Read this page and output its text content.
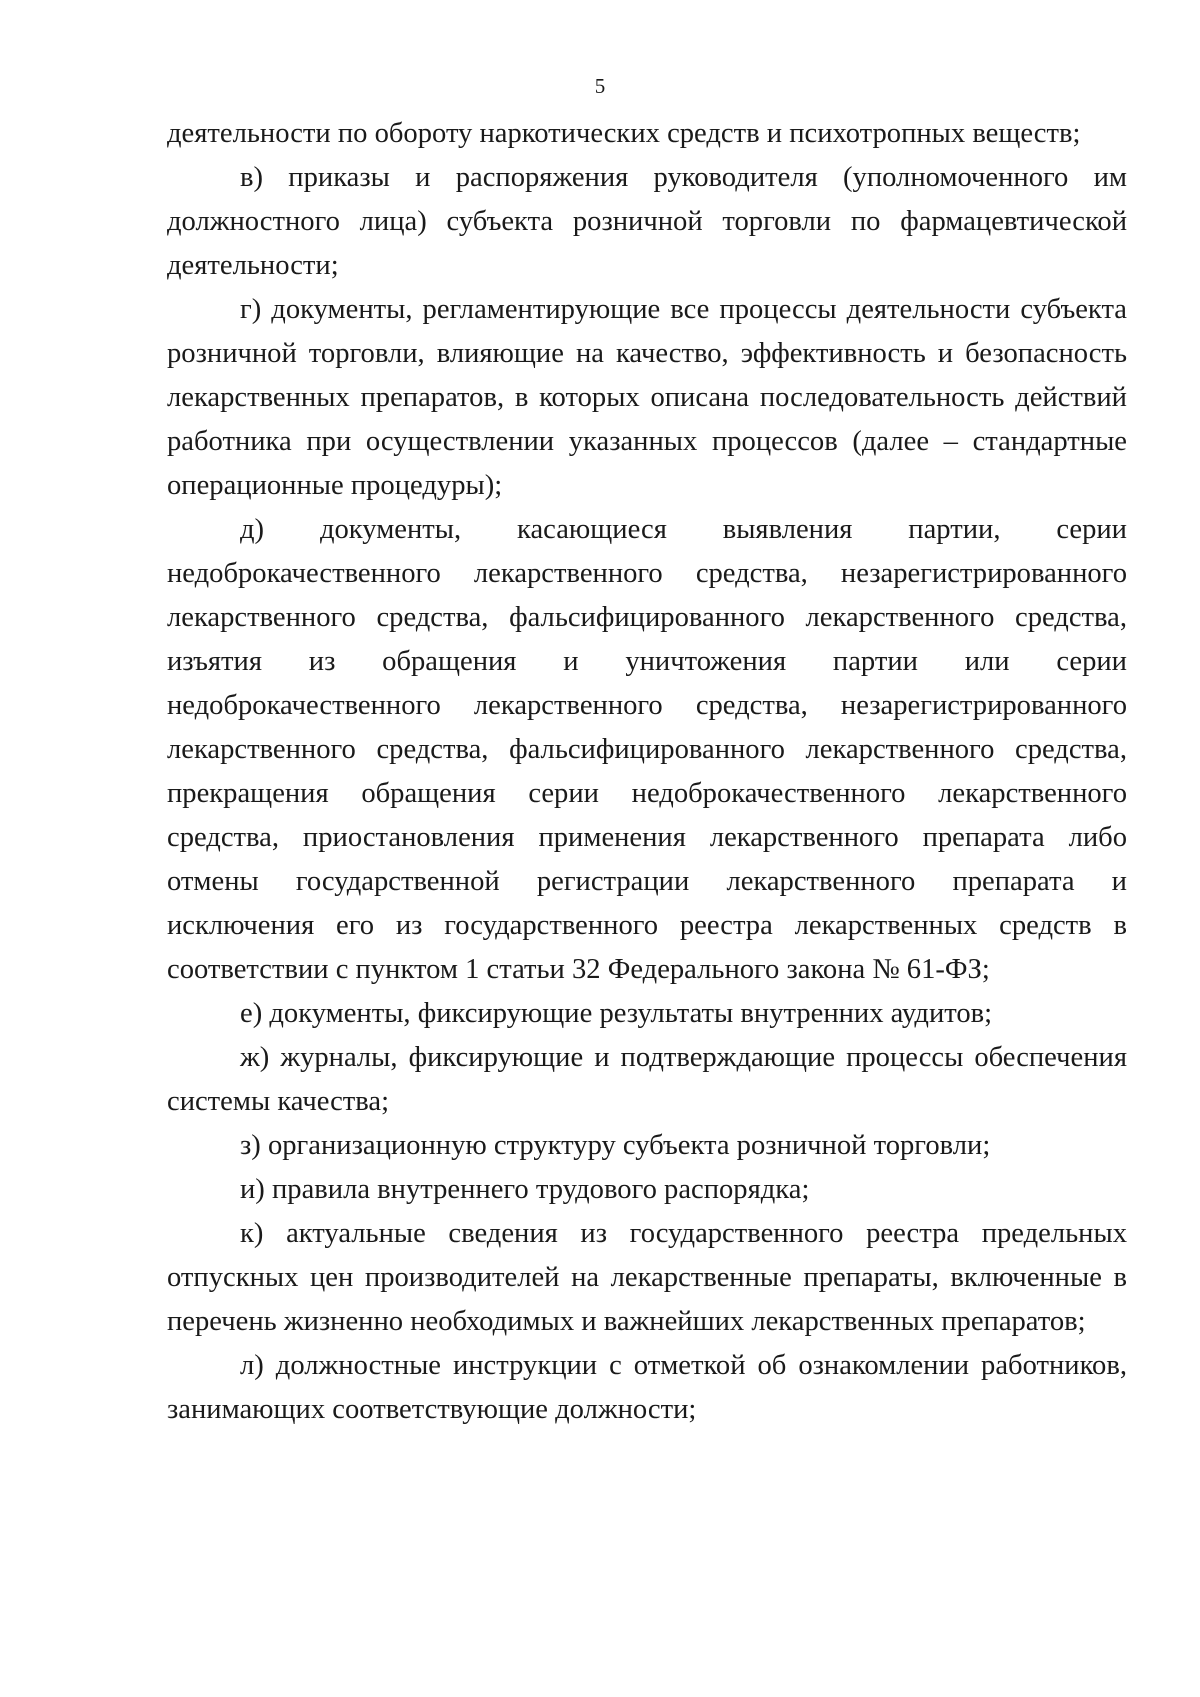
5

деятельности по обороту наркотических средств и психотропных веществ;

в) приказы и распоряжения руководителя (уполномоченного им должностного лица) субъекта розничной торговли по фармацевтической деятельности;

г) документы, регламентирующие все процессы деятельности субъекта розничной торговли, влияющие на качество, эффективность и безопасность лекарственных препаратов, в которых описана последовательность действий работника при осуществлении указанных процессов (далее – стандартные операционные процедуры);

д) документы, касающиеся выявления партии, серии недоброкачественного лекарственного средства, незарегистрированного лекарственного средства, фальсифицированного лекарственного средства, изъятия из обращения и уничтожения партии или серии недоброкачественного лекарственного средства, незарегистрированного лекарственного средства, фальсифицированного лекарственного средства, прекращения обращения серии недоброкачественного лекарственного средства, приостановления применения лекарственного препарата либо отмены государственной регистрации лекарственного препарата и исключения его из государственного реестра лекарственных средств в соответствии с пунктом 1 статьи 32 Федерального закона № 61-ФЗ;

е) документы, фиксирующие результаты внутренних аудитов;

ж) журналы, фиксирующие и подтверждающие процессы обеспечения системы качества;

з) организационную структуру субъекта розничной торговли;

и) правила внутреннего трудового распорядка;

к) актуальные сведения из государственного реестра предельных отпускных цен производителей на лекарственные препараты, включенные в перечень жизненно необходимых и важнейших лекарственных препаратов;

л) должностные инструкции с отметкой об ознакомлении работников, занимающих соответствующие должности;
